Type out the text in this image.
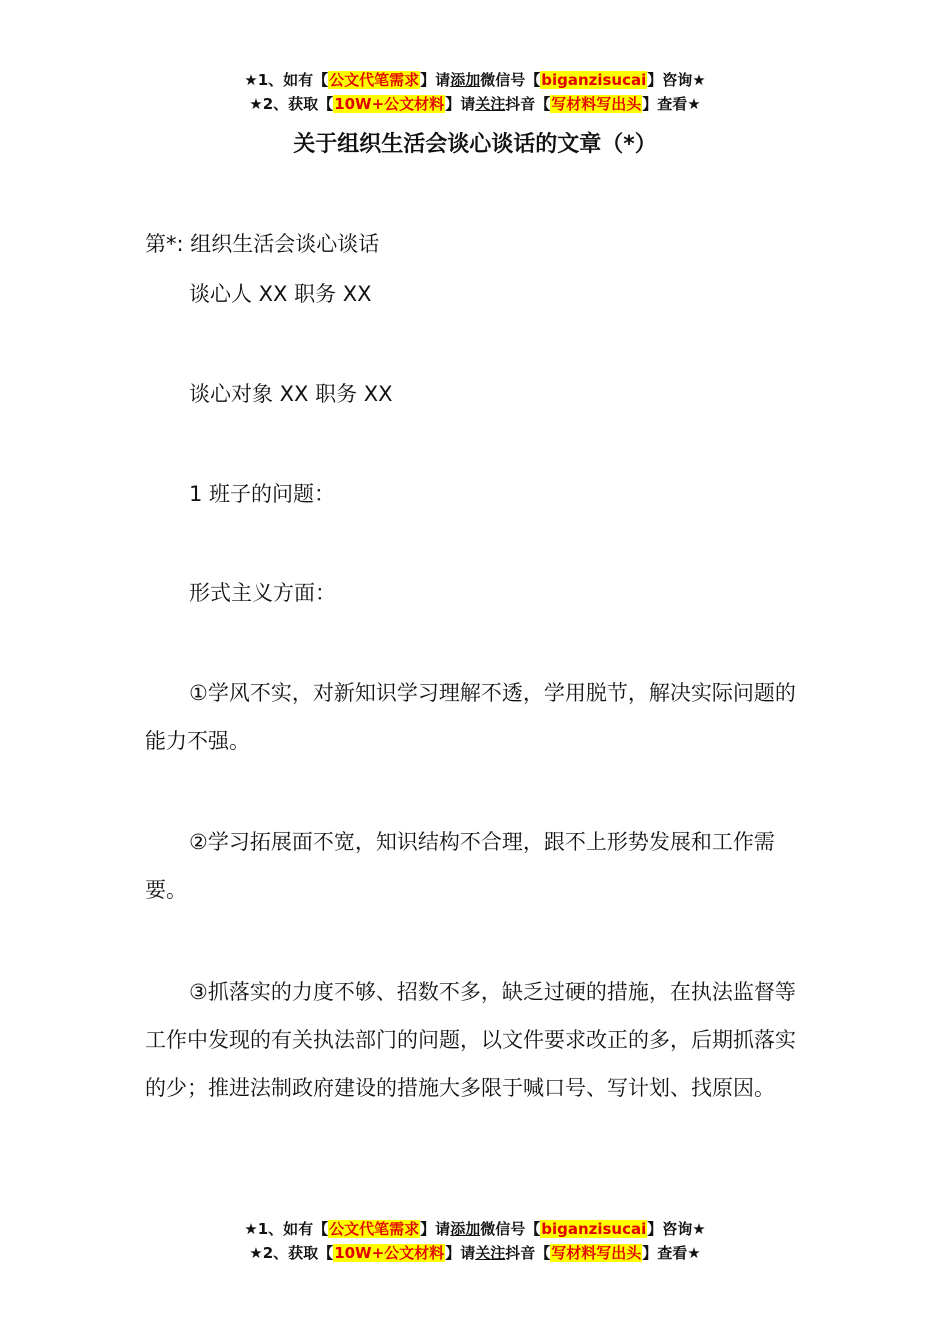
★1、如有【公文代笔需求】请添加微信号【biganzisucai】咨询★
★2、获取【10W+公文材料】请关注抖音【写材料写出头】查看★
关于组织生活会谈心谈话的文章（*）

第*: 组织生活会谈心谈话

谈心人 XX 职务 XX

谈心对象 XX 职务 XX

1 班子的问题：

形式主义方面：

①学风不实，对新知识学习理解不透，学用脱节，解决实际问题的能力不强。

②学习拓展面不宽，知识结构不合理，跟不上形势发展和工作需要。

③抓落实的力度不够、招数不多，缺乏过硬的措施，在执法监督等工作中发现的有关执法部门的问题，以文件要求改正的多，后期抓落实的少；推进法制政府建设的措施大多限于喊口号、写计划、找原因。

★1、如有【公文代笔需求】请添加微信号【biganzisucai】咨询★
★2、获取【10W+公文材料】请关注抖音【写材料写出头】查看★
